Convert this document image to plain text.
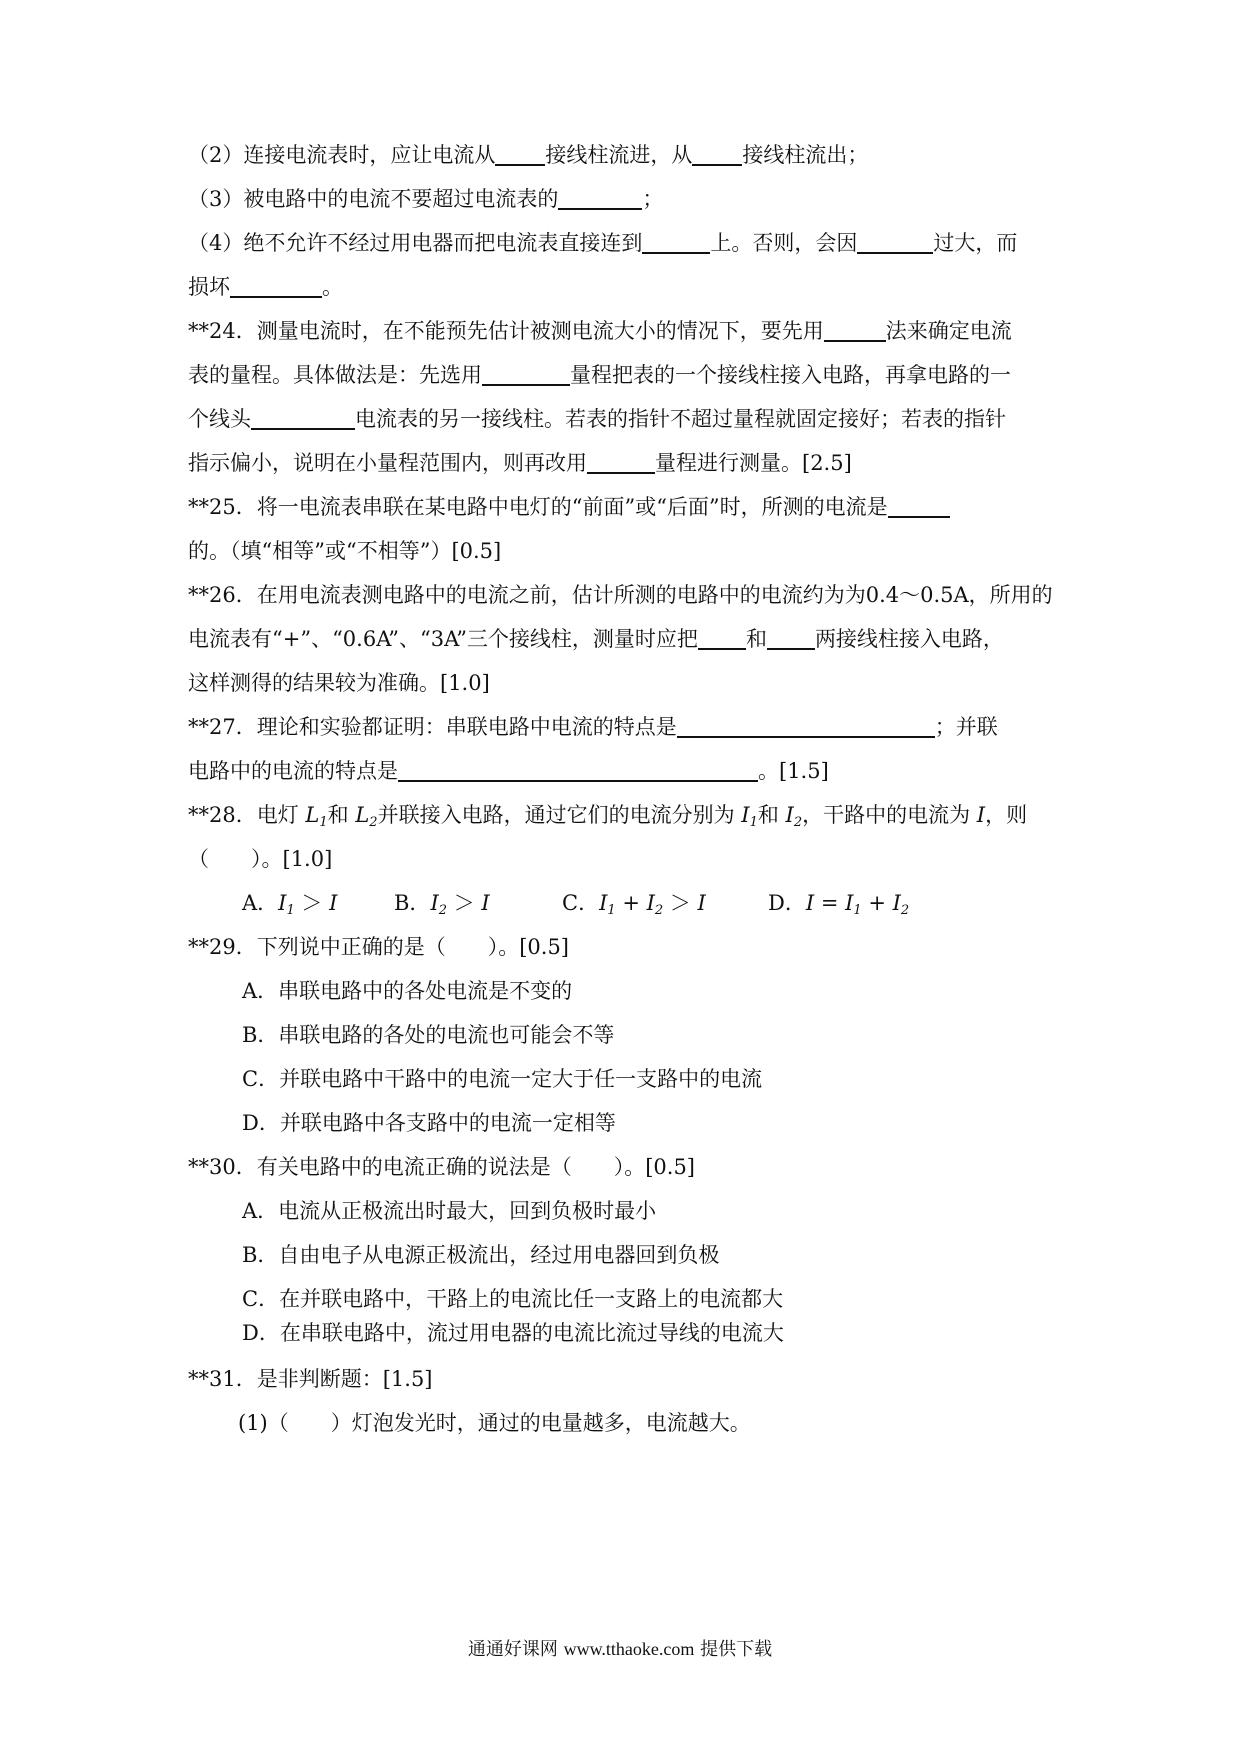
（2）连接电流表时，应让电流从 接线柱流进，从 接线柱流出；
（3）被电路中的电流不要超过电流表的	；
（4）绝不允许不经过用电器而把电流表直接连到	上。否则，会因	过大，而
损坏	。
**24．测量电流时，在不能预先估计被测电流大小的情况下，要先用	法来确定电流
表的量程。具体做法是：先选用	量程把表的一个接线柱接入电路，再拿电路的一
个线头	电流表的另一接线柱。若表的指针不超过量程就固定接好；若表的指针
指示偏小，说明在小量程范围内，则再改用	量程进行测量。[2.5]
**25．将一电流表串联在某电路中电灯的“前面”或“后面”时，所测的电流是
的。（填“相等”或“不相等”）[0.5]
**26．在用电流表测电路中的电流之前，估计所测的电路中的电流约为为0.4～0.5A，所用的
电流表有“+”、“0.6A”、“3A”三个接线柱，测量时应把 和 两接线柱接入电路，
这样测得的结果较为准确。[1.0]
**27．理论和实验都证明：串联电路中电流的特点是	；并联
电路中的电流的特点是	。[1.5]
**28．电灯 $L_1$和 $L_2$并联接入电路，通过它们的电流分别为 $I_1$和 $I_2$，干路中的电流为 I，则
（　　）。[1.0]
A．$I_1 > I$	B．$I_2 > I$	C．$I_1 + I_2 > I$	D．$I = I_1 + I_2$
**29．下列说中正确的是（　　）。[0.5]
A．串联电路中的各处电流是不变的
B．串联电路的各处的电流也可能会不等
C．并联电路中干路中的电流一定大于任一支路中的电流
D．并联电路中各支路中的电流一定相等
**30．有关电路中的电流正确的说法是（　　）。[0.5]
A．电流从正极流出时最大，回到负极时最小
B．自由电子从电源正极流出，经过用电器回到负极
C．在并联电路中，干路上的电流比任一支路上的电流都大
D．在串联电路中，流过用电器的电流比流过导线的电流大
**31．是非判断题：[1.5]
(1)（　　）灯泡发光时，通过的电量越多，电流越大。
通通好课网 www.tthaoke.com 提供下载
